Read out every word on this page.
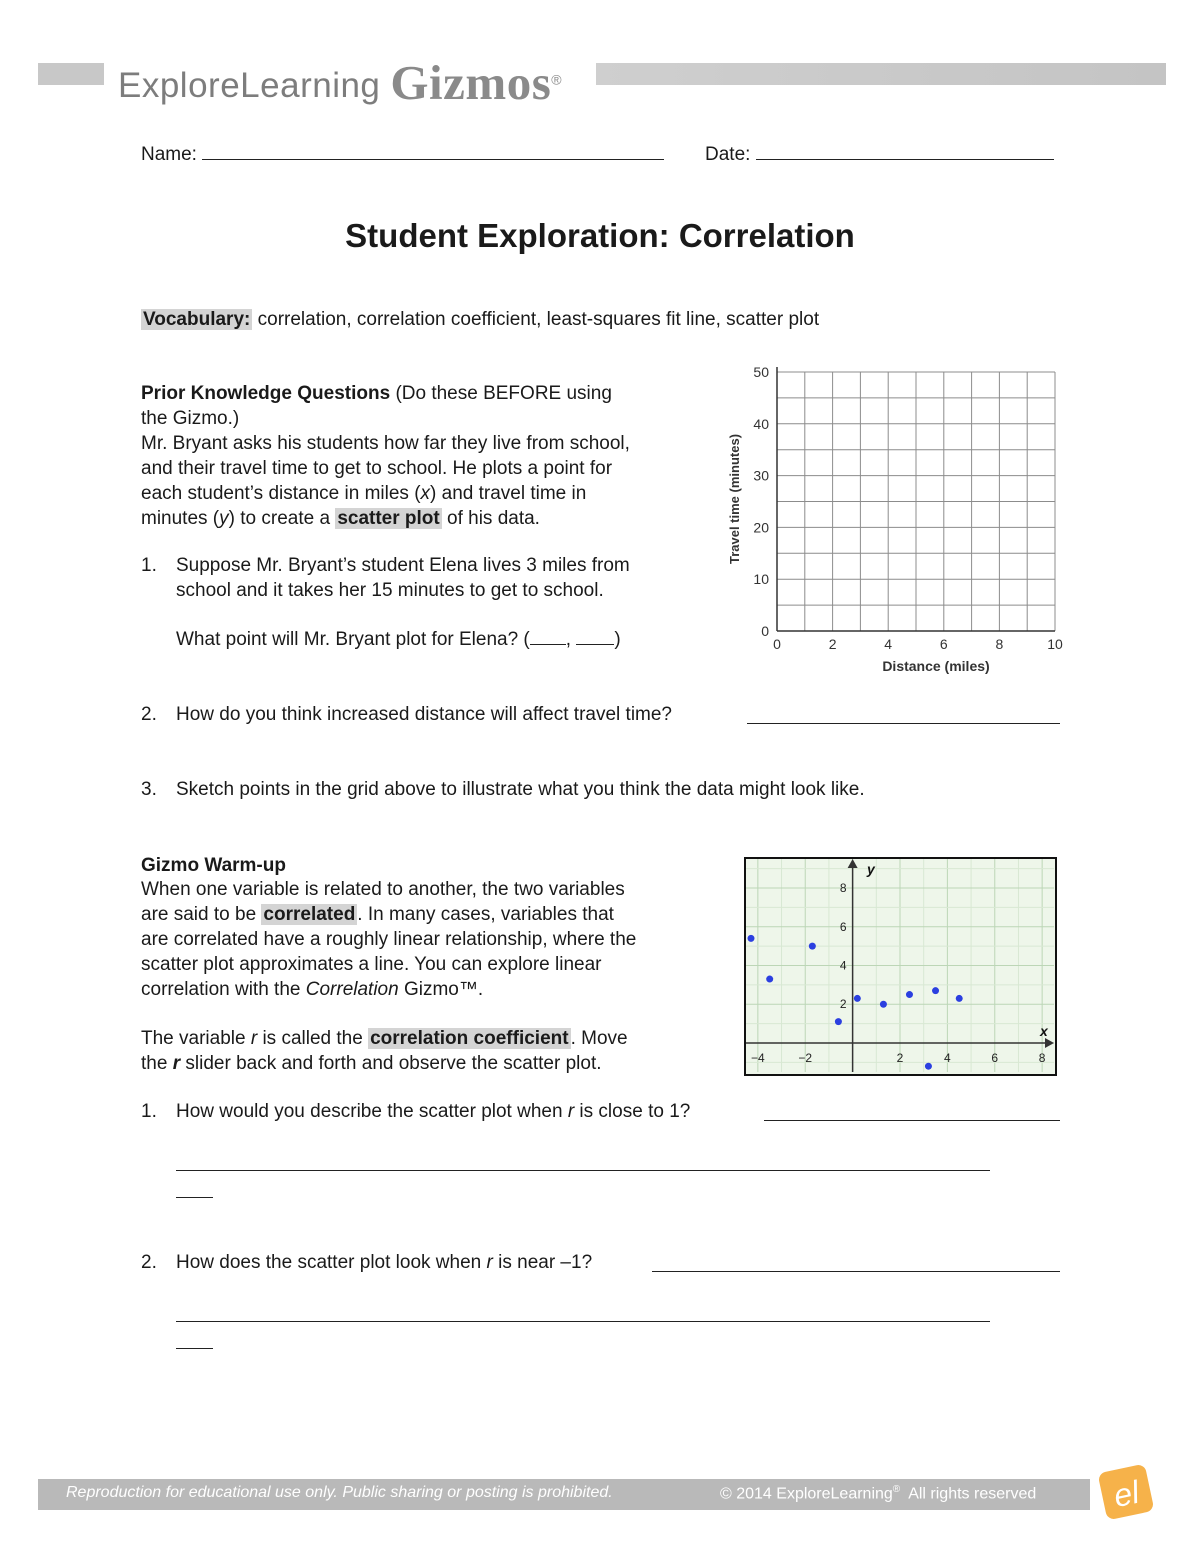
ExploreLearning Gizmos®
Name:	Date:
Student Exploration: Correlation
Vocabulary: correlation, correlation coefficient, least-squares fit line, scatter plot
Prior Knowledge Questions (Do these BEFORE using
the Gizmo.)
Mr. Bryant asks his students how far they live from school,
and their travel time to get to school. He plots a point for
each student’s distance in miles (x) and travel time in
minutes (y) to create a scatter plot of his data.
1. Suppose Mr. Bryant’s student Elena lives 3 miles from
school and it takes her 15 minutes to get to school.
What point will Mr. Bryant plot for Elena? ( , )
2. How do you think increased distance will affect travel time?
3. Sketch points in the grid above to illustrate what you think the data might look like.
0
10
20
30
40
50
0	2	4	6	8	10
Distance (miles)
Travel time (minutes)
Gizmo Warm-up
When one variable is related to another, the two variables
are said to be correlated . In many cases, variables that
are correlated have a roughly linear relationship, where the
scatter plot approximates a line. You can explore linear
correlation with the Correlation Gizmo™.
The variable r is called the correlation coefficient . Move
the r slider back and forth and observe the scatter plot.	−4	−2	2	4	6	8
2
4
6
8
x
y
1. How would you describe the scatter plot when r is close to 1?
2. How does the scatter plot look when r is near –1?
Reproduction for educational use only. Public sharing or posting is prohibited.	© 2014 ExploreLearning® All rights reserved el
